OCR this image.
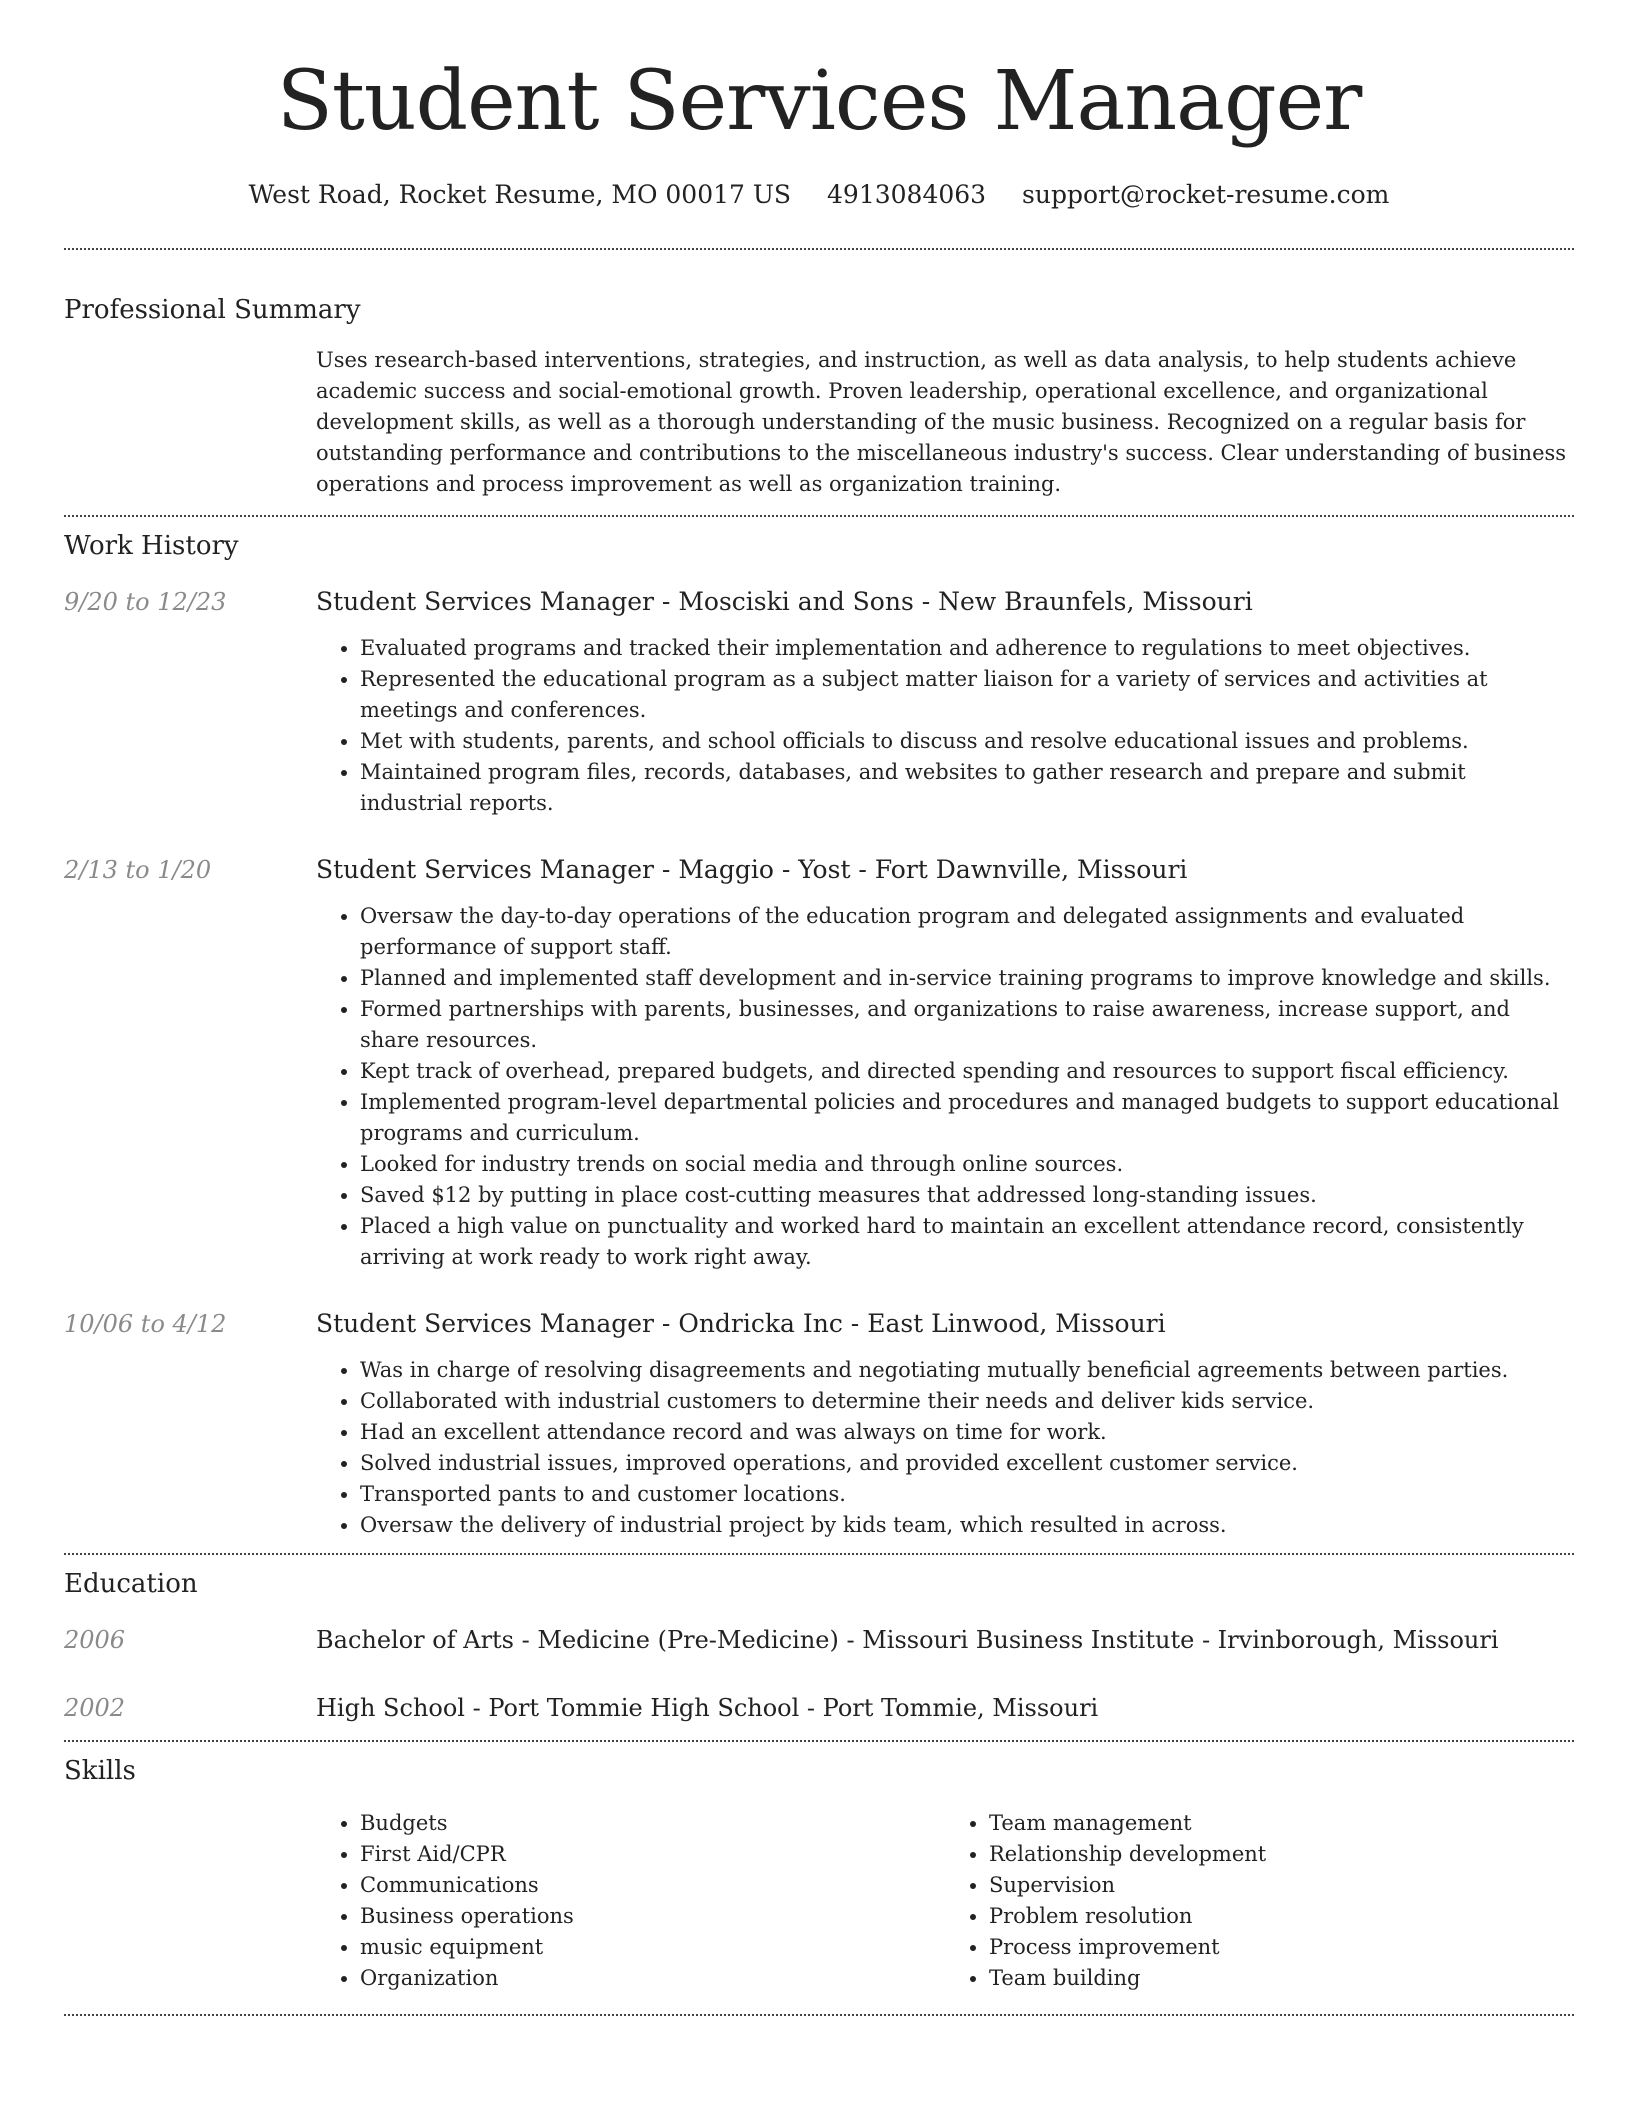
Student Services Manager
West Road, Rocket Resume, MO 00017 US 4913084063 support@rocket-resume.com
Professional Summary
Uses research-based interventions, strategies, and instruction, as well as data analysis, to help students achieve academic success and social-emotional growth. Proven leadership, operational excellence, and organizational development skills, as well as a thorough understanding of the music business. Recognized on a regular basis for outstanding performance and contributions to the miscellaneous industry's success. Clear understanding of business operations and process improvement as well as organization training.
Work History
9/20 to 12/23	Student Services Manager - Mosciski and Sons - New Braunfels, Missouri
• Evaluated programs and tracked their implementation and adherence to regulations to meet objectives.
• Represented the educational program as a subject matter liaison for a variety of services and activities at meetings and conferences.
• Met with students, parents, and school officials to discuss and resolve educational issues and problems.
• Maintained program files, records, databases, and websites to gather research and prepare and submit industrial reports.
2/13 to 1/20	Student Services Manager - Maggio - Yost - Fort Dawnville, Missouri
• Oversaw the day-to-day operations of the education program and delegated assignments and evaluated performance of support staff.
• Planned and implemented staff development and in-service training programs to improve knowledge and skills.
• Formed partnerships with parents, businesses, and organizations to raise awareness, increase support, and share resources.
• Kept track of overhead, prepared budgets, and directed spending and resources to support fiscal efficiency.
• Implemented program-level departmental policies and procedures and managed budgets to support educational programs and curriculum.
• Looked for industry trends on social media and through online sources.
• Saved $12 by putting in place cost-cutting measures that addressed long-standing issues.
• Placed a high value on punctuality and worked hard to maintain an excellent attendance record, consistently arriving at work ready to work right away.
10/06 to 4/12	Student Services Manager - Ondricka Inc - East Linwood, Missouri
• Was in charge of resolving disagreements and negotiating mutually beneficial agreements between parties.
• Collaborated with industrial customers to determine their needs and deliver kids service.
• Had an excellent attendance record and was always on time for work.
• Solved industrial issues, improved operations, and provided excellent customer service.
• Transported pants to and customer locations.
• Oversaw the delivery of industrial project by kids team, which resulted in across.
Education
2006	Bachelor of Arts - Medicine (Pre-Medicine) - Missouri Business Institute - Irvinborough, Missouri
2002	High School - Port Tommie High School - Port Tommie, Missouri
Skills
• Budgets
• First Aid/CPR
• Communications
• Business operations
• music equipment
• Organization
• Team management
• Relationship development
• Supervision
• Problem resolution
• Process improvement
• Team building
